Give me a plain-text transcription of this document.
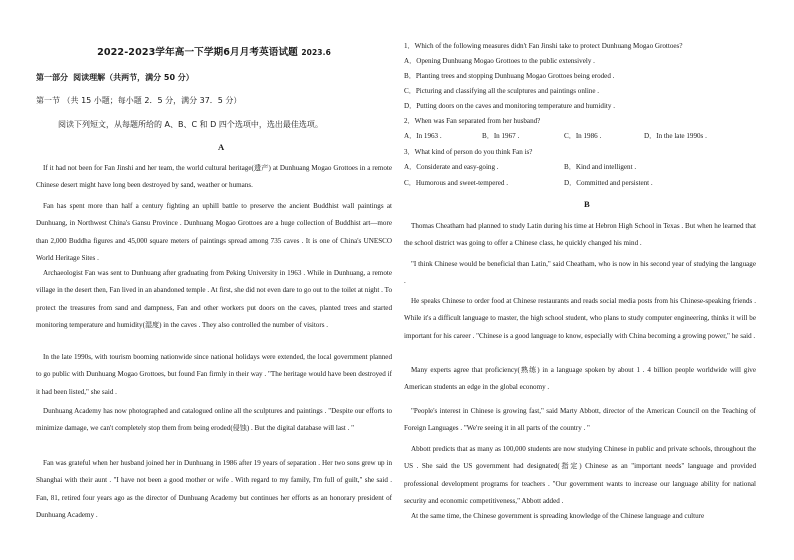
2022-2023学年高一下学期6月月考英语试题 2023.6
第一部分 阅读理解（共两节，满分 50 分）
第一节 （共 15 小题；每小题 2．5 分，满分 37．5 分）
阅读下列短文，从每题所给的 A、B、C 和 D 四个选项中，选出最佳选项。
A

If it had not been for Fan Jinshi and her team, the world cultural heritage(遗产) at Dunhuang Mogao Grottoes in a remote Chinese desert might have long been destroyed by sand, weather or humans.

Fan has spent more than half a century fighting an uphill battle to preserve the ancient Buddhist wall paintings at Dunhuang, in Northwest China's Gansu Province . Dunhuang Mogao Grottoes are a huge collection of Buddhist art—more than 2,000 Buddha figures and 45,000 square meters of paintings spread among 735 caves . It is one of China's UNESCO World Heritage Sites .

Archaeologist Fan was sent to Dunhuang after graduating from Peking University in 1963 . While in Dunhuang, a remote village in the desert then, Fan lived in an abandoned temple . At first, she did not even dare to go out to the toilet at night . To protect the treasures from sand and dampness, Fan and other workers put doors on the caves, planted trees and started monitoring temperature and humidity(湿度) in the caves . They also controlled the number of visitors .

In the late 1990s, with tourism booming nationwide since national holidays were extended, the local government planned to go public with Dunhuang Mogao Grottoes, but found Fan firmly in their way . "The heritage would have been destroyed if it had been listed," she said .

Dunhuang Academy has now photographed and catalogued online all the sculptures and paintings . "Despite our efforts to minimize damage, we can't completely stop them from being eroded(侵蚀) . But the digital database will last . "

Fan was grateful when her husband joined her in Dunhuang in 1986 after 19 years of separation . Her two sons grew up in Shanghai with their aunt . "I have not been a good mother or wife . With regard to my family, I'm full of guilt," she said . Fan, 81, retired four years ago as the director of Dunhuang Academy but continues her efforts as an honorary president of Dunhuang Academy .

1．Which of the following measures didn't Fan Jinshi take to protect Dunhuang Mogao Grottoes?
A．Opening Dunhuang Mogao Grottoes to the public extensively .
B．Planting trees and stopping Dunhuang Mogao Grottoes being eroded .
C．Picturing and classifying all the sculptures and paintings online .
D．Putting doors on the caves and monitoring temperature and humidity .
2．When was Fan separated from her husband?
A．In 1963 .	B．In 1967 .	C．In 1986 .	D．In the late 1990s .
3．What kind of person do you think Fan is?
A．Considerate and easy-going .	B．Kind and intelligent .
C．Humorous and sweet-tempered .	D．Committed and persistent .
B

Thomas Cheatham had planned to study Latin during his time at Hebron High School in Texas . But when he learned that the school district was going to offer a Chinese class, he quickly changed his mind .

"I think Chinese would be beneficial than Latin," said Cheatham, who is now in his second year of studying the language .

He speaks Chinese to order food at Chinese restaurants and reads social media posts from his Chinese-speaking friends . While it's a difficult language to master, the high school student, who plans to study computer engineering, thinks it will be important for his career . "Chinese is a good language to know, especially with China becoming a growing power," he said .

Many experts agree that proficiency(熟练) in a language spoken by about 1 . 4 billion people worldwide will give American students an edge in the global economy .

"People's interest in Chinese is growing fast," said Marty Abbott, director of the American Council on the Teaching of Foreign Languages . "We're seeing it in all parts of the country . "

Abbott predicts that as many as 100,000 students are now studying Chinese in public and private schools, throughout the US . She said the US government had designated(指定) Chinese as an "important needs" language and provided professional development programs for teachers . "Our government wants to increase our language ability for national security and economic competitiveness," Abbott added .

At the same time, the Chinese government is spreading knowledge of the Chinese language and culture
